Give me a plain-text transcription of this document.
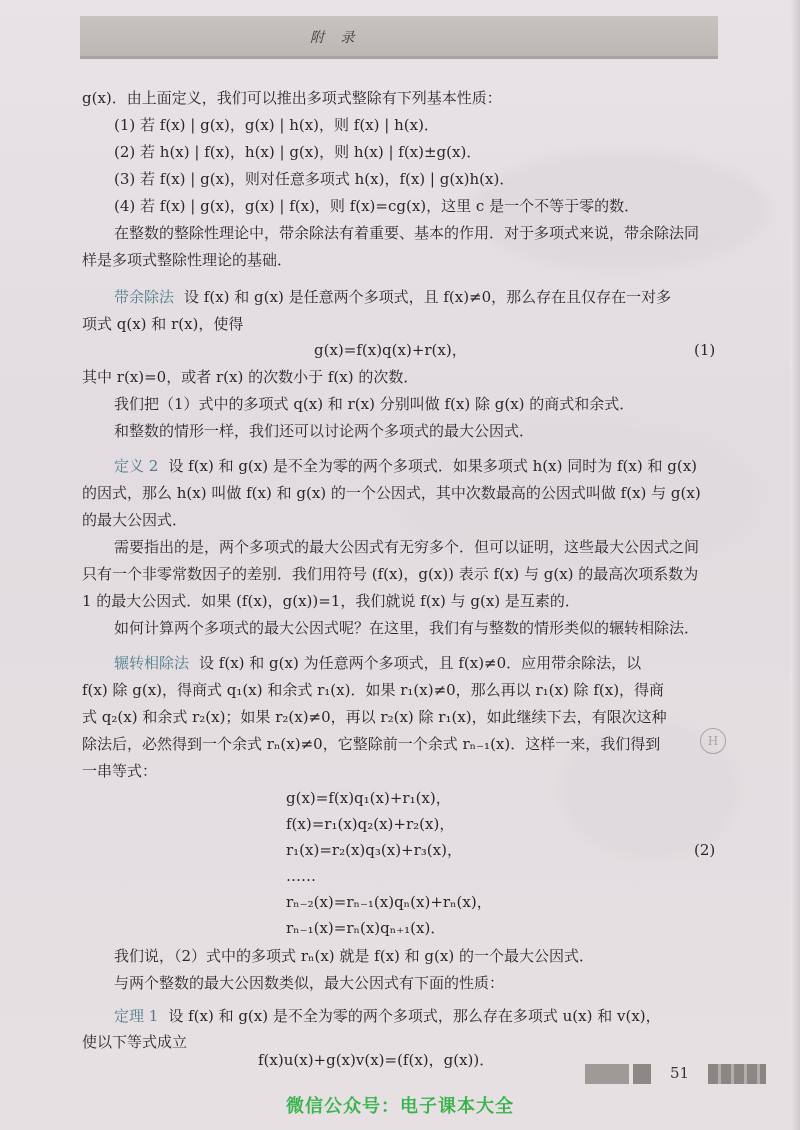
附 录
g(x)．由上面定义，我们可以推出多项式整除有下列基本性质：
(1) 若 f(x) | g(x)，g(x) | h(x)，则 f(x) | h(x)．
(2) 若 h(x) | f(x)，h(x) | g(x)，则 h(x) | f(x)±g(x)．
(3) 若 f(x) | g(x)，则对任意多项式 h(x)，f(x) | g(x)h(x)．
(4) 若 f(x) | g(x)，g(x) | f(x)，则 f(x)=cg(x)，这里 c 是一个不等于零的数．
在整数的整除性理论中，带余除法有着重要、基本的作用．对于多项式来说，带余除法同
样是多项式整除性理论的基础．
带余除法 设 f(x) 和 g(x) 是任意两个多项式，且 f(x)≠0，那么存在且仅存在一对多
项式 q(x) 和 r(x)，使得
g(x)=f(x)q(x)+r(x)，	(1)
其中 r(x)=0，或者 r(x) 的次数小于 f(x) 的次数．
我们把（1）式中的多项式 q(x) 和 r(x) 分别叫做 f(x) 除 g(x) 的商式和余式．
和整数的情形一样，我们还可以讨论两个多项式的最大公因式．
定义 2 设 f(x) 和 g(x) 是不全为零的两个多项式．如果多项式 h(x) 同时为 f(x) 和 g(x)
的因式，那么 h(x) 叫做 f(x) 和 g(x) 的一个公因式，其中次数最高的公因式叫做 f(x) 与 g(x)
的最大公因式．
需要指出的是，两个多项式的最大公因式有无穷多个．但可以证明，这些最大公因式之间
只有一个非零常数因子的差别．我们用符号 (f(x)，g(x)) 表示 f(x) 与 g(x) 的最高次项系数为
1 的最大公因式．如果 (f(x)，g(x))=1，我们就说 f(x) 与 g(x) 是互素的．
如何计算两个多项式的最大公因式呢？在这里，我们有与整数的情形类似的辗转相除法．
辗转相除法 设 f(x) 和 g(x) 为任意两个多项式，且 f(x)≠0．应用带余除法，以
f(x) 除 g(x)，得商式 q₁(x) 和余式 r₁(x)．如果 r₁(x)≠0，那么再以 r₁(x) 除 f(x)，得商
式 q₂(x) 和余式 r₂(x)；如果 r₂(x)≠0，再以 r₂(x) 除 r₁(x)，如此继续下去，有限次这种
除法后，必然得到一个余式 rₙ(x)≠0，它整除前一个余式 rₙ₋₁(x)．这样一来，我们得到
一串等式：
g(x)=f(x)q₁(x)+r₁(x)，
f(x)=r₁(x)q₂(x)+r₂(x)，
r₁(x)=r₂(x)q₃(x)+r₃(x)，	(2)
……
rₙ₋₂(x)=rₙ₋₁(x)qₙ(x)+rₙ(x)，
rₙ₋₁(x)=rₙ(x)qₙ₊₁(x)．
我们说，（2）式中的多项式 rₙ(x) 就是 f(x) 和 g(x) 的一个最大公因式．
与两个整数的最大公因数类似，最大公因式有下面的性质：
定理 1 设 f(x) 和 g(x) 是不全为零的两个多项式，那么存在多项式 u(x) 和 v(x)，
使以下等式成立
f(x)u(x)+g(x)v(x)=(f(x)，g(x))．
H
51
微信公众号：电子课本大全
